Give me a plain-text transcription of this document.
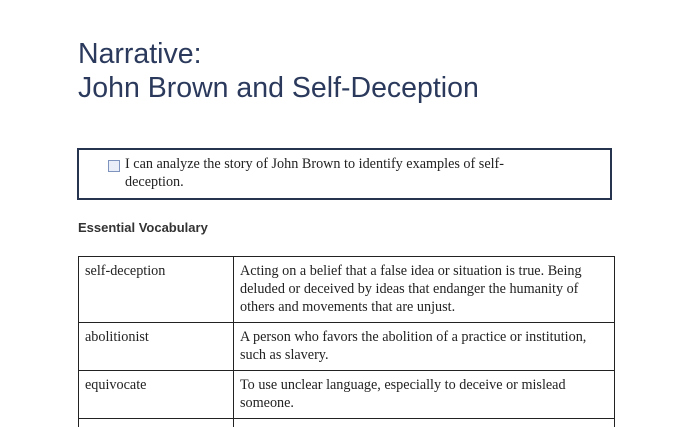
Narrative:
John Brown and Self-Deception
I can analyze the story of John Brown to identify examples of self-deception.
Essential Vocabulary
self-deception	Acting on a belief that a false idea or situation is true. Being deluded or deceived by ideas that endanger the humanity of others and movements that are unjust.
abolitionist	A person who favors the abolition of a practice or institution, such as slavery.
equivocate	To use unclear language, especially to deceive or mislead someone.
